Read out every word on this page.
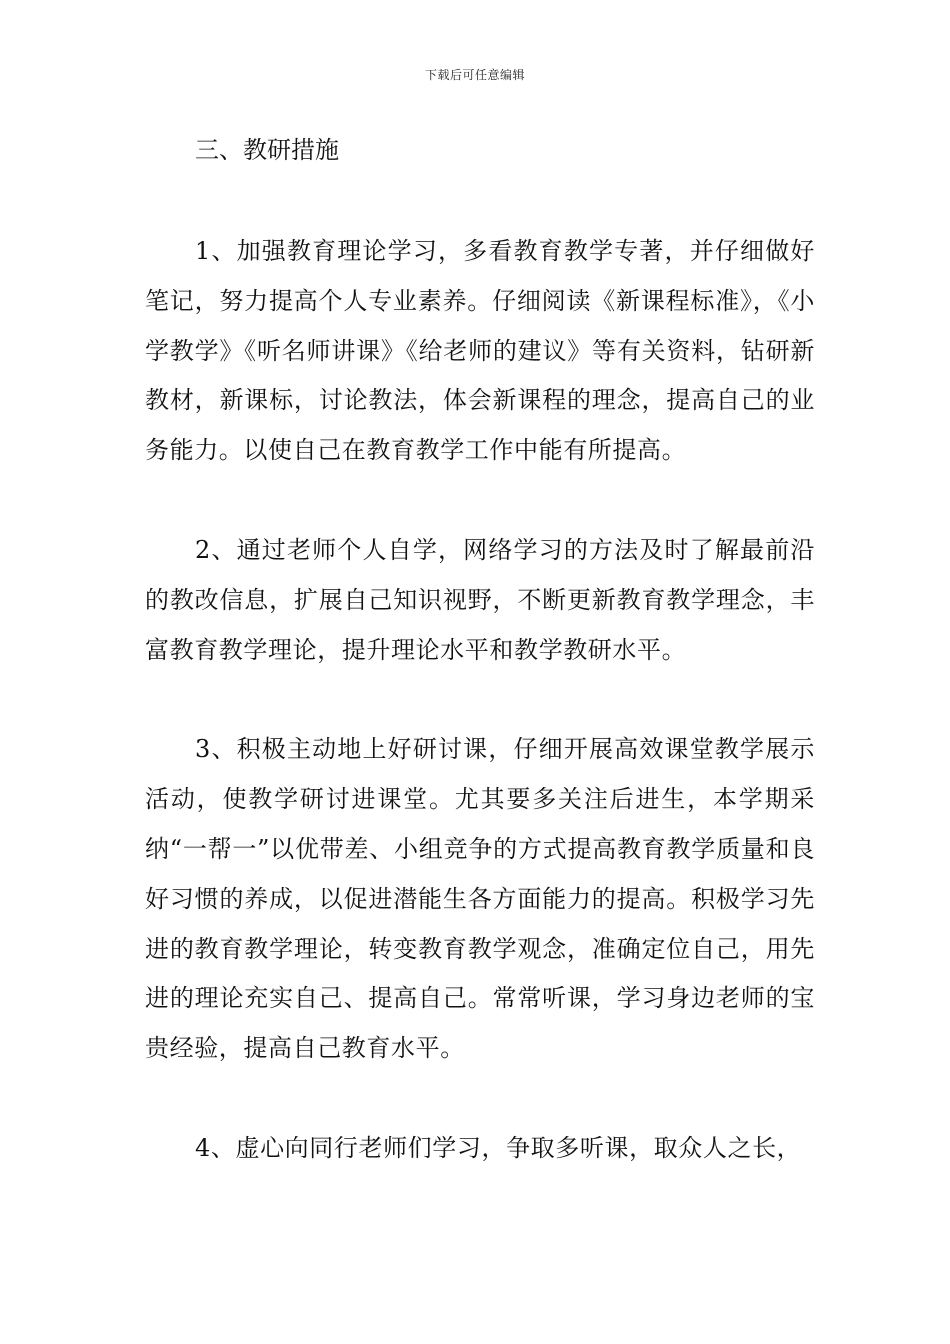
下载后可任意编辑
三、教研措施

1、加强教育理论学习，多看教育教学专著，并仔细做好笔记，努力提高个人专业素养。仔细阅读《新课程标准》，《小学教学》《听名师讲课》《给老师的建议》等有关资料，钻研新教材，新课标，讨论教法，体会新课程的理念，提高自己的业务能力。以使自己在教育教学工作中能有所提高。

2、通过老师个人自学，网络学习的方法及时了解最前沿的教改信息，扩展自己知识视野，不断更新教育教学理念，丰富教育教学理论，提升理论水平和教学教研水平。

3、积极主动地上好研讨课，仔细开展高效课堂教学展示活动，使教学研讨进课堂。尤其要多关注后进生，本学期采纳“一帮一”以优带差、小组竞争的方式提高教育教学质量和良好习惯的养成，以促进潜能生各方面能力的提高。积极学习先进的教育教学理论，转变教育教学观念，准确定位自己，用先进的理论充实自己、提高自己。常常听课，学习身边老师的宝贵经验，提高自己教育水平。

4、虚心向同行老师们学习，争取多听课，取众人之长，
